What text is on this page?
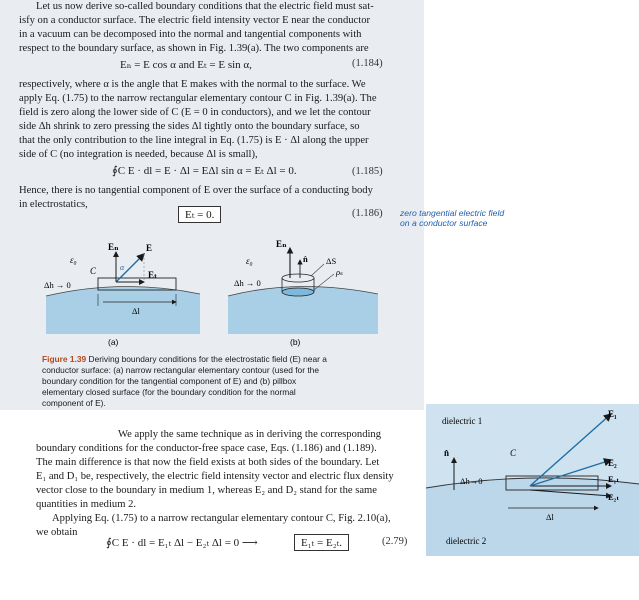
Let us now derive so-called boundary conditions that the electric field must sat-

isfy on a conductor surface. The electric field intensity vector E near the conductor

in a vacuum can be decomposed into the normal and tangential components with

respect to the boundary surface, as shown in Fig. 1.39(a). The two components are

Eₙ = E cos α and Eₜ = E sin α,	(1.184)

respectively, where α is the angle that E makes with the normal to the surface. We

apply Eq. (1.75) to the narrow rectangular elementary contour C in Fig. 1.39(a). The

field is zero along the lower side of C (E = 0 in conductors), and we let the contour

side Δh shrink to zero pressing the sides Δl tightly onto the boundary surface, so

that the only contribution to the line integral in Eq. (1.75) is E · Δl along the upper

side of C (no integration is needed, because Δl is small),

∮C E · dl = E · Δl = EΔl sin α = Eₜ Δl = 0.	(1.185)

Hence, there is no tangential component of E over the surface of a conducting body

in electrostatics,

Eₜ = 0.	(1.186)
Eₙ	E
Eₜ
α
ε₀
C
Δh → 0
Δl
(a)
Eₙ
n̂ ΔS
ρₛ
ε₀
Δh → 0
(b)
Figure 1.39 Deriving boundary conditions for the electrostatic field (E) near a
conductor surface: (a) narrow rectangular elementary contour (used for the
boundary condition for the tangential component of E) and (b) pillbox
elementary closed surface (for the boundary condition for the normal
component of E).
zero tangential electric field
on a conductor surface

We apply the same technique as in deriving the corresponding

boundary conditions for the conductor-free space case, Eqs. (1.186) and (1.189).

The main difference is that now the field exists at both sides of the boundary. Let

E₁ and D₁ be, respectively, the electric field intensity vector and electric flux density

vector close to the boundary in medium 1, whereas E₂ and D₂ stand for the same

quantities in medium 2.

Applying Eq. (1.75) to a narrow rectangular elementary contour C, Fig. 2.10(a),

we obtain

∮C E · dl = E₁ₜ Δl − E₂ₜ Δl = 0 ⟶	E₁ₜ = E₂ₜ.	(2.79)
dielectric 1
dielectric 2
E₁
E₂
E₁ₜ
E₂ₜ
n̂	C
Δh→0
Δl
